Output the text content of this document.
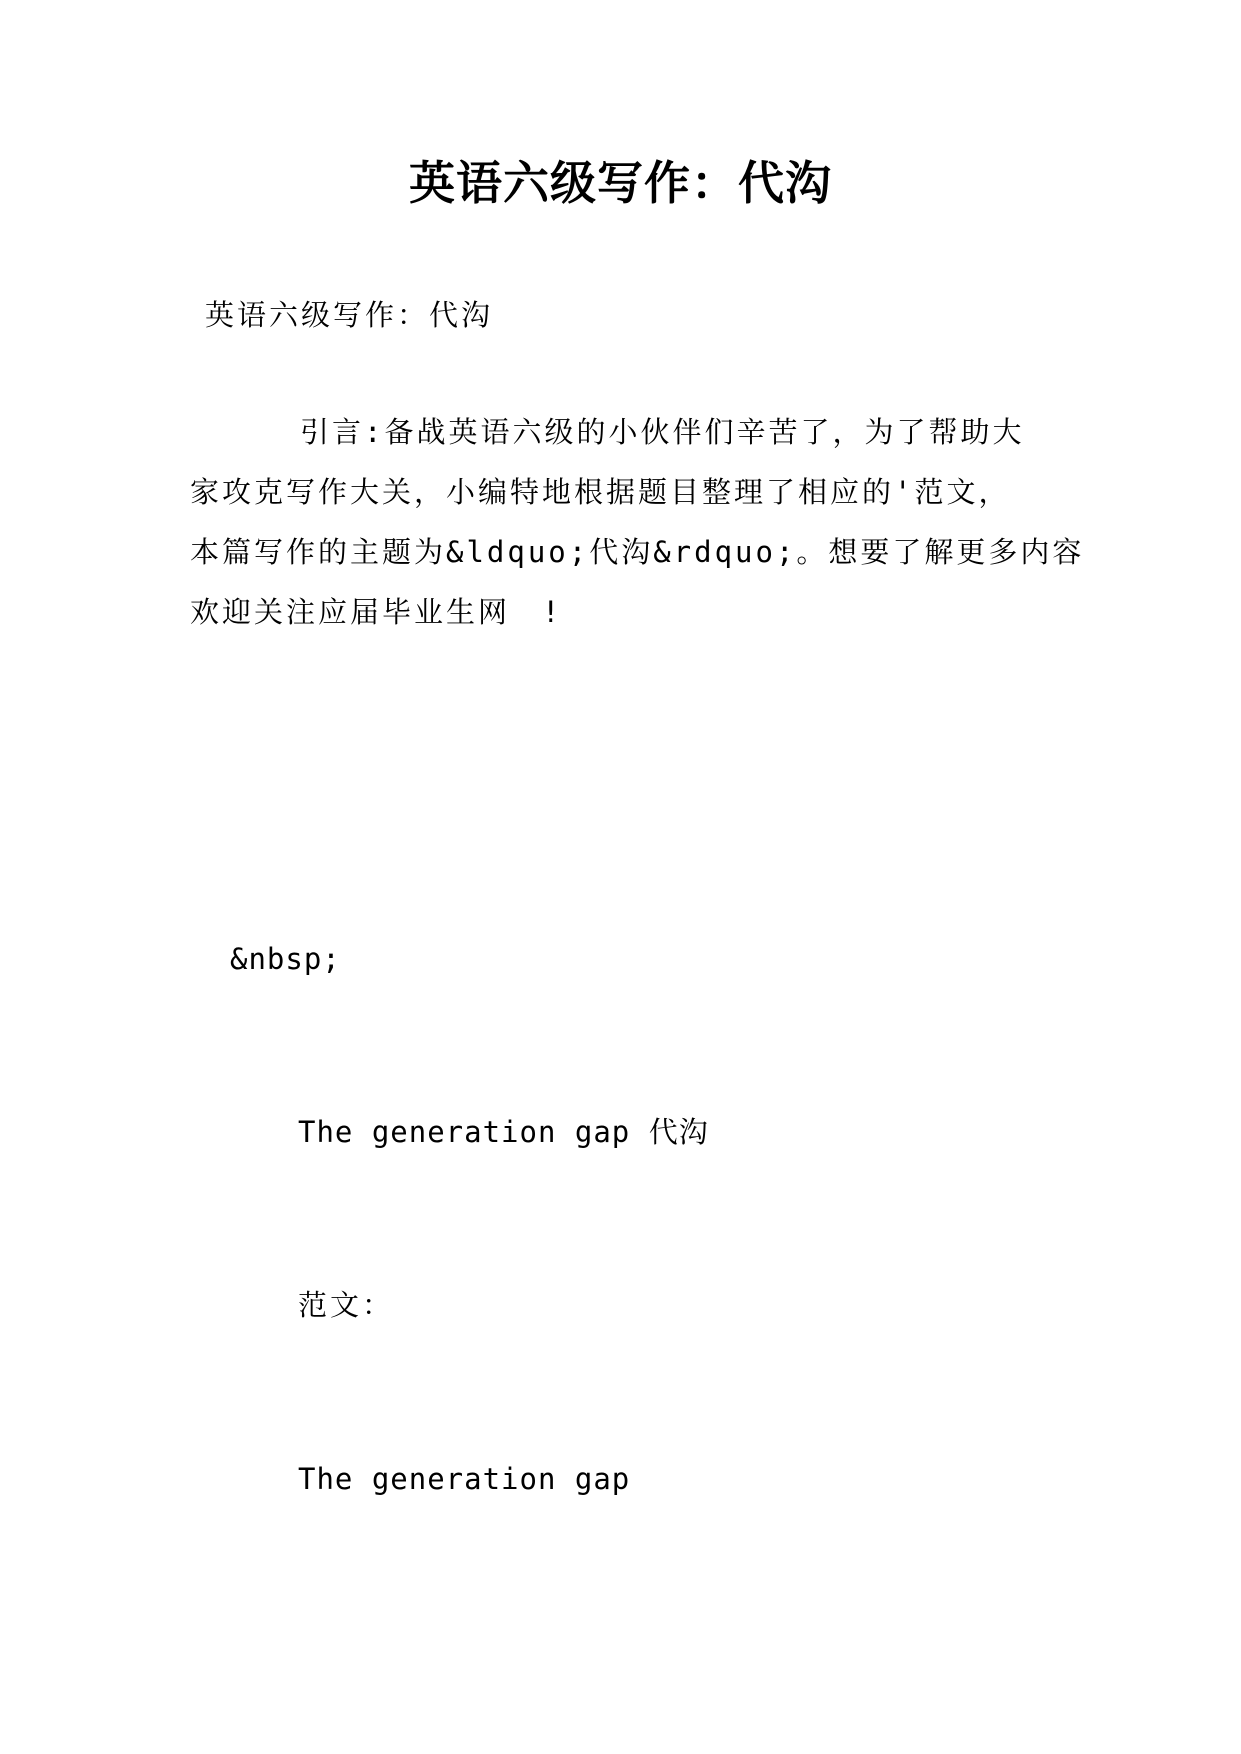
英语六级写作：代沟
英语六级写作：代沟
引言:备战英语六级的小伙伴们辛苦了，为了帮助大
家攻克写作大关，小编特地根据题目整理了相应的'范文，
本篇写作的主题为&ldquo;代沟&rdquo;。想要了解更多内容
欢迎关注应届毕业生网　!
&nbsp;
The generation gap 代沟
范文：
The generation gap
